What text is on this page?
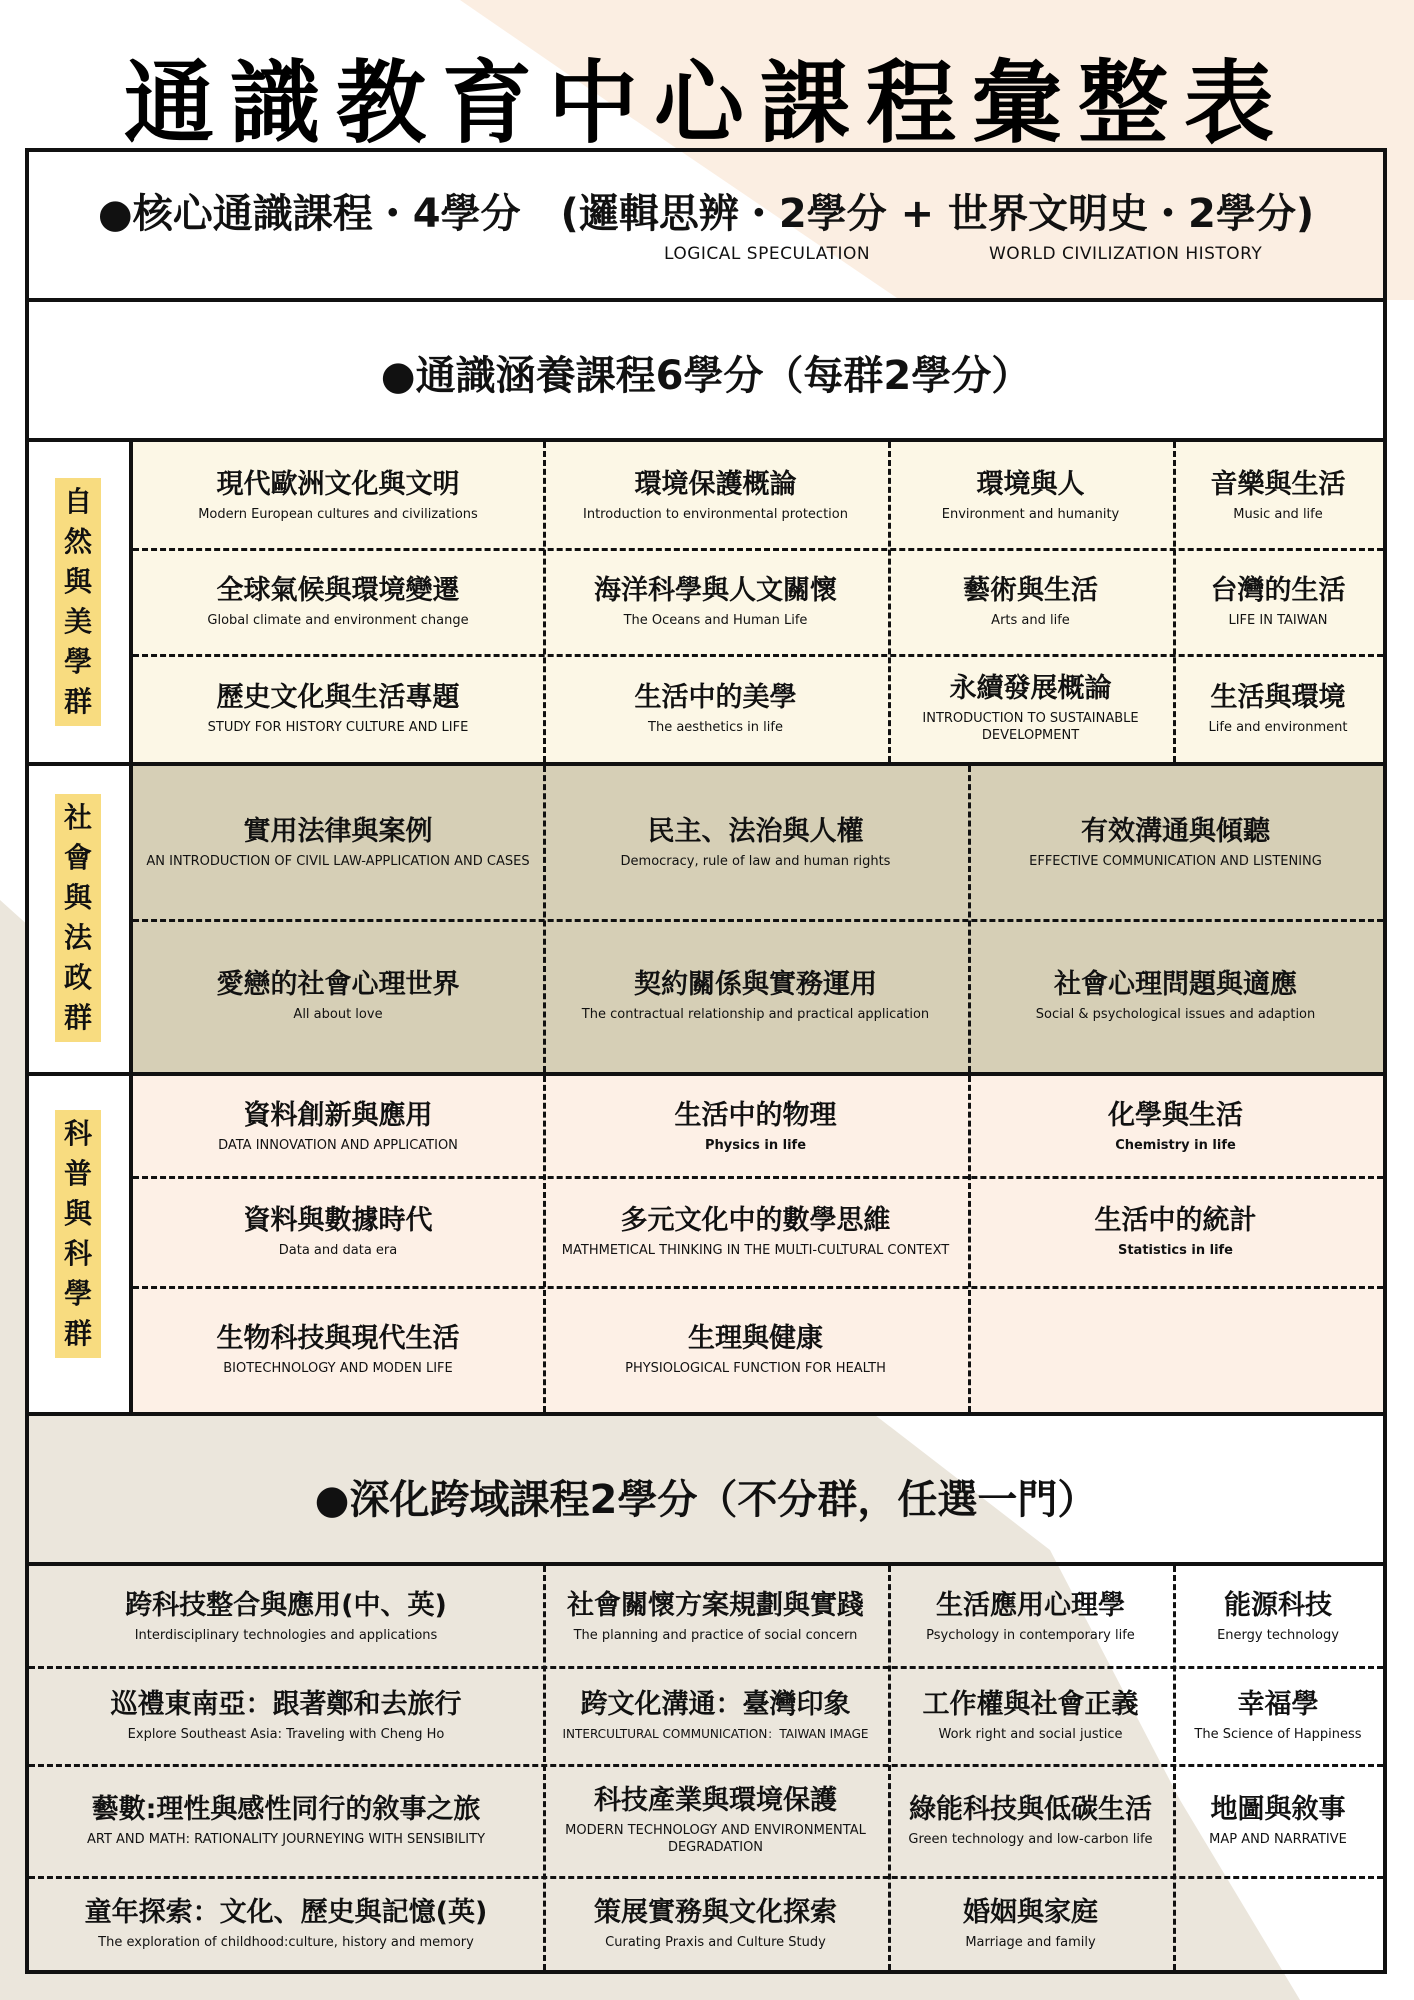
通識教育中心課程彙整表
●核心通識課程・4學分　(邏輯思辨・2學分 + 世界文明史・2學分)
LOGICAL SPECULATION	WORLD CIVILIZATION HISTORY
●通識涵養課程6學分（每群2學分）
自然與美學群
現代歐洲文化與文明
Modern European cultures and civilizations
環境保護概論
Introduction to environmental protection
環境與人
Environment and humanity
音樂與生活
Music and life
全球氣候與環境變遷
Global climate and environment change
海洋科學與人文關懷
The Oceans and Human Life
藝術與生活
Arts and life
台灣的生活
LIFE IN TAIWAN
歷史文化與生活專題
STUDY FOR HISTORY CULTURE AND LIFE
生活中的美學
The aesthetics in life
永續發展概論
INTRODUCTION TO SUSTAINABLE DEVELOPMENT
生活與環境
Life and environment
社會與法政群
實用法律與案例
AN INTRODUCTION OF CIVIL LAW-APPLICATION AND CASES
民主、法治與人權
Democracy, rule of law and human rights
有效溝通與傾聽
EFFECTIVE COMMUNICATION AND LISTENING
愛戀的社會心理世界
All about love
契約關係與實務運用
The contractual relationship and practical application
社會心理問題與適應
Social & psychological issues and adaption
科普與科學群
資料創新與應用
DATA INNOVATION AND APPLICATION
生活中的物理
Physics in life
化學與生活
Chemistry in life
資料與數據時代
Data and data era
多元文化中的數學思維
MATHMETICAL THINKING IN THE MULTI-CULTURAL CONTEXT
生活中的統計
Statistics in life
生物科技與現代生活
BIOTECHNOLOGY AND MODEN LIFE
生理與健康
PHYSIOLOGICAL FUNCTION FOR HEALTH
●深化跨域課程2學分（不分群，任選一門）
跨科技整合與應用(中、英)
Interdisciplinary technologies and applications
社會關懷方案規劃與實踐
The planning and practice of social concern
生活應用心理學
Psychology in contemporary life
能源科技
Energy technology
巡禮東南亞：跟著鄭和去旅行
Explore Southeast Asia: Traveling with Cheng Ho
跨文化溝通：臺灣印象
INTERCULTURAL COMMUNICATION：TAIWAN IMAGE
工作權與社會正義
Work right and social justice
幸福學
The Science of Happiness
藝數:理性與感性同行的敘事之旅
ART AND MATH: RATIONALITY JOURNEYING WITH SENSIBILITY
科技產業與環境保護
MODERN TECHNOLOGY AND ENVIRONMENTAL DEGRADATION
綠能科技與低碳生活
Green technology and low-carbon life
地圖與敘事
MAP AND NARRATIVE
童年探索：文化、歷史與記憶(英)
The exploration of childhood:culture, history and memory
策展實務與文化探索
Curating Praxis and Culture Study
婚姻與家庭
Marriage and family
